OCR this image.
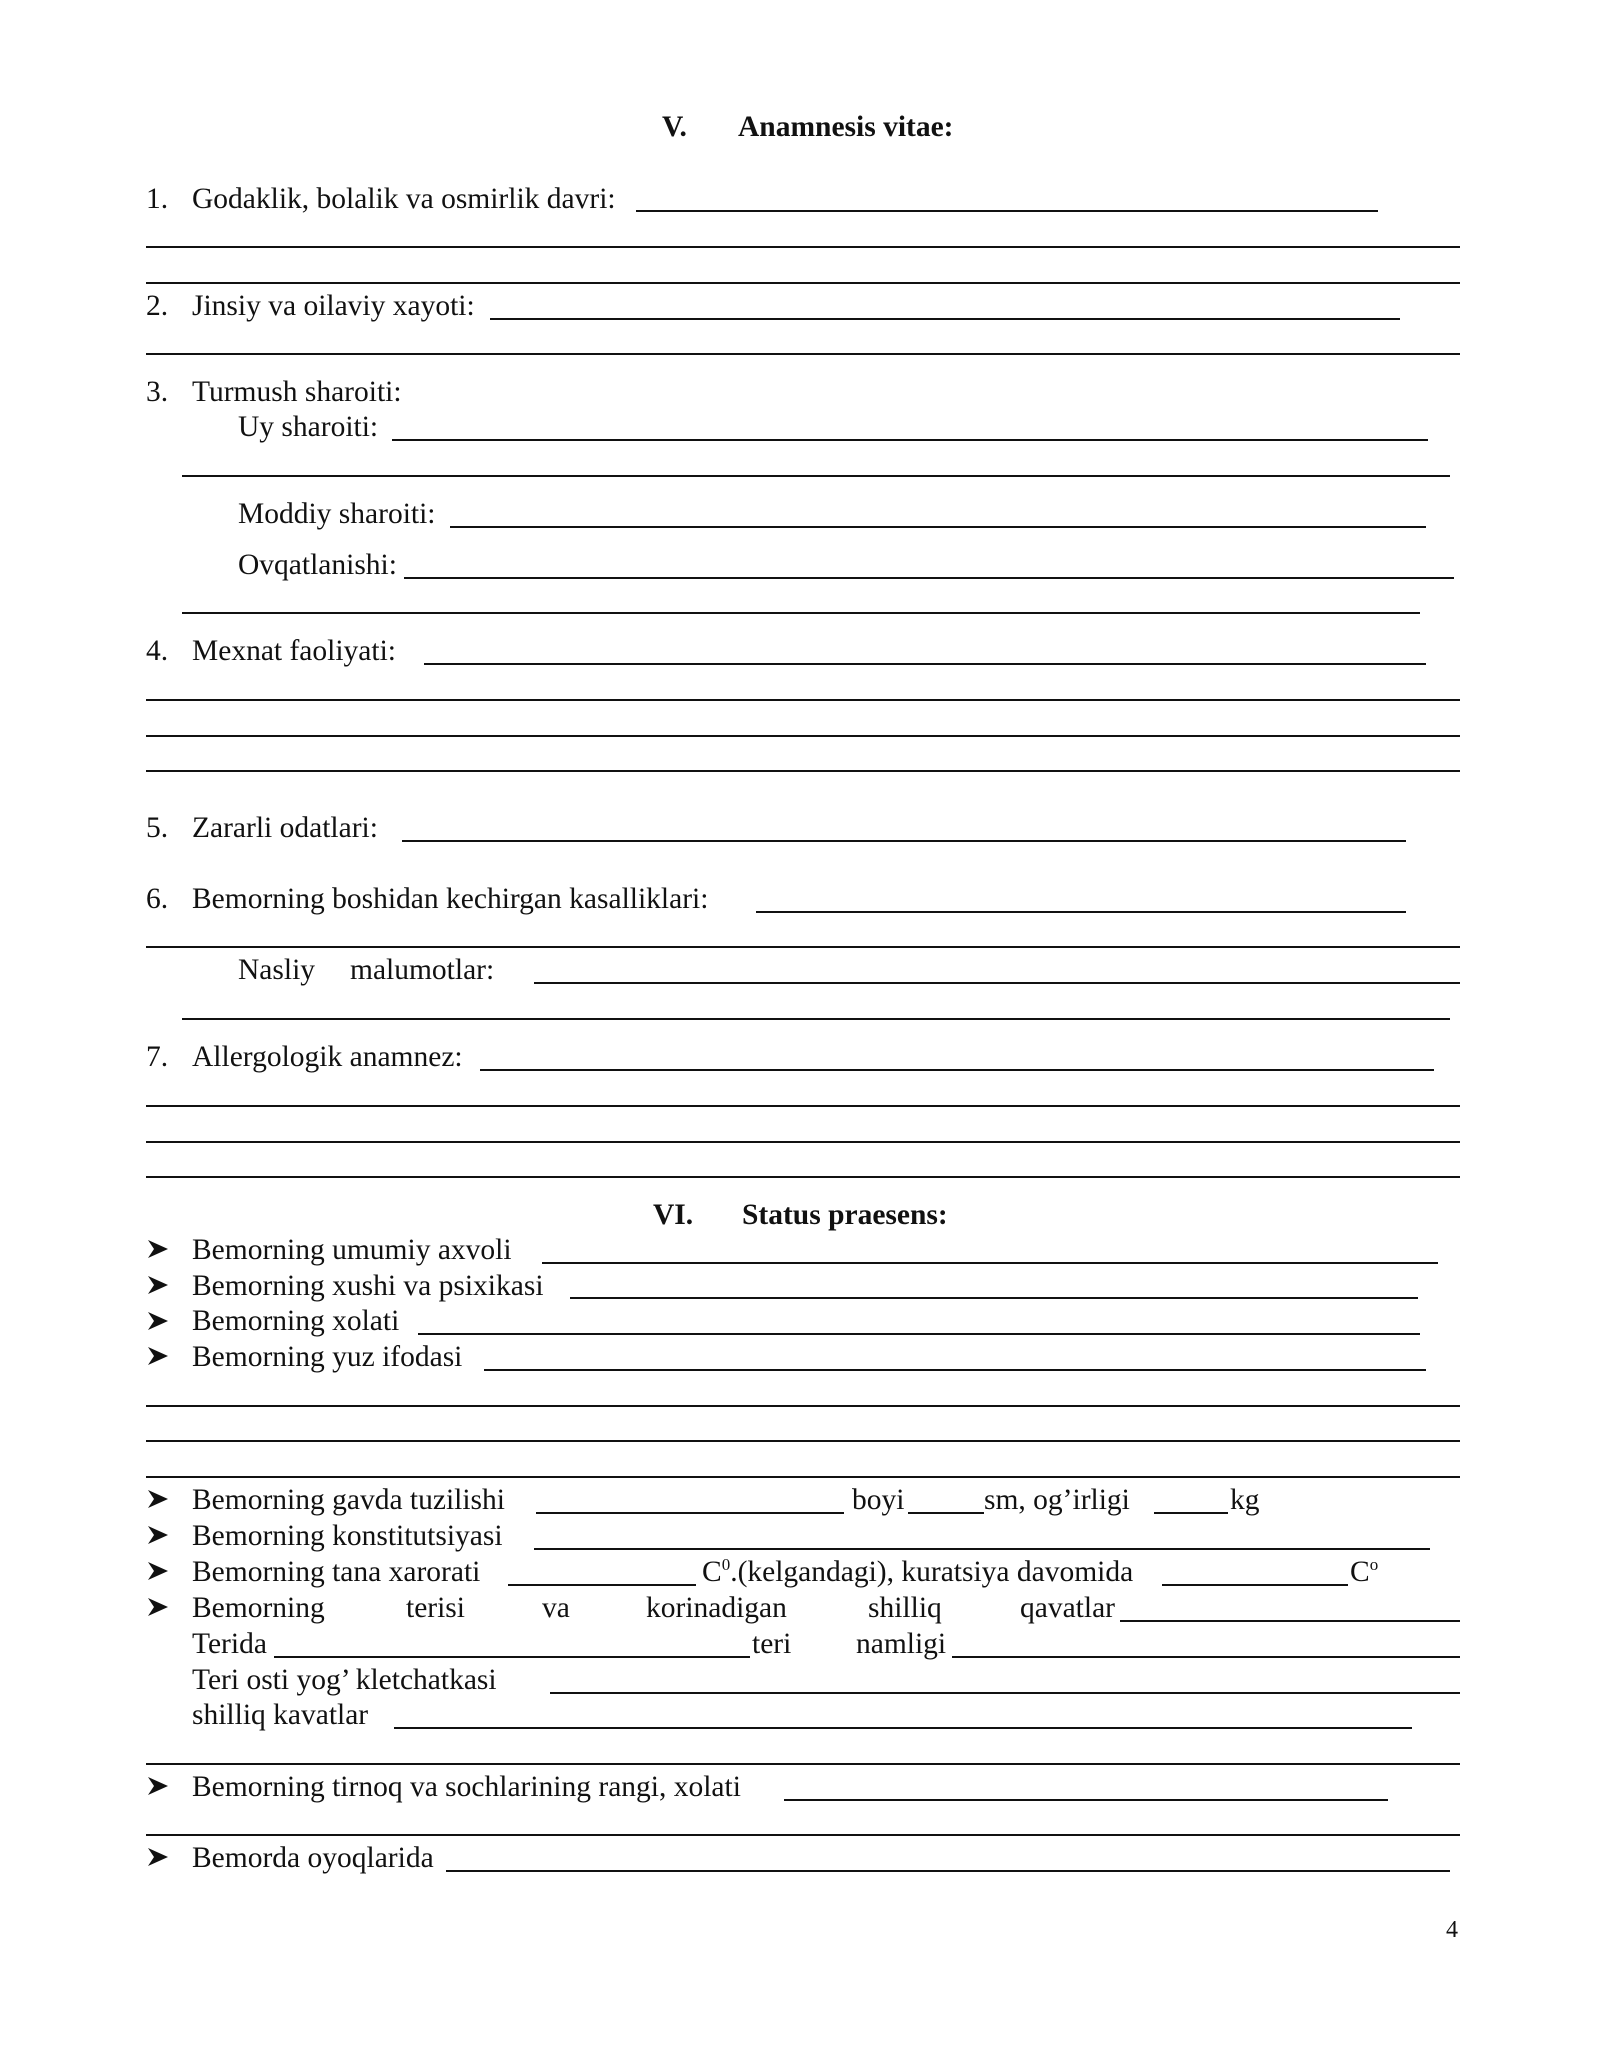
V. Anamnesis vitae:
1. Godaklik, bolalik va osmirlik davri:
2. Jinsiy va oilaviy xayoti:
3. Turmush sharoiti:
Uy sharoiti:
Moddiy sharoiti:
Ovqatlanishi:
4. Mexnat faoliyati:
5. Zararli odatlari:
6. Bemorning boshidan kechirgan kasalliklari:
Nasliy malumotlar:
7. Allergologik anamnez:
VI. Status praesens:
Bemorning umumiy axvoli
Bemorning xushi va psixikasi
Bemorning xolati
Bemorning yuz ifodasi
Bemorning gavda tuzilishi	boyi	sm, og’irligi	kg
Bemorning konstitutsiyasi
Bemorning tana xarorati	$C^0.(kelgandagi)$, kuratsiya davomida	$C^o$
Bemorning	terisi	va	korinadigan	shilliq	qavatlar
Terida	teri namligi
Teri osti yog’ kletchatkasi
shilliq kavatlar
Bemorning tirnoq va sochlarining rangi, xolati
Bemorda oyoqlarida
4
